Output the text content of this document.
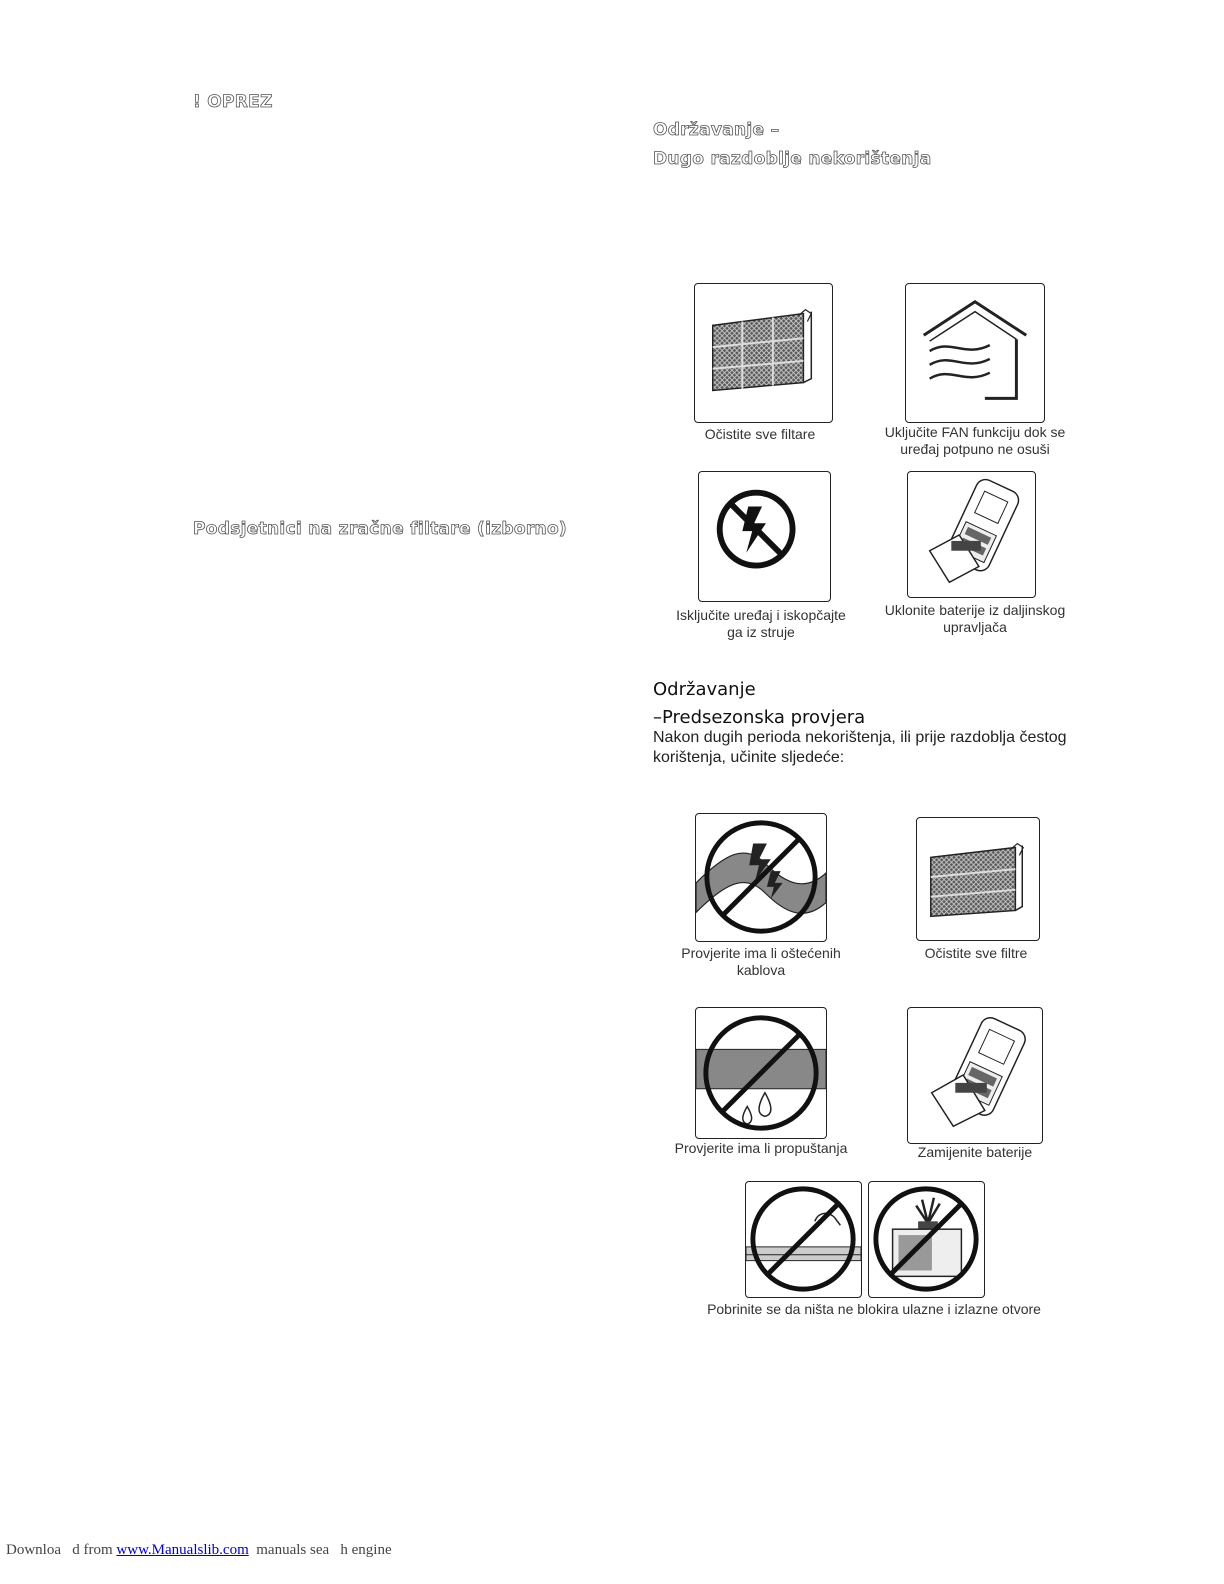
! OPREZ
Podsjetnici na zračne filtare (izborno)
Održavanje –
Dugo razdoblje nekorištenja
Očistite sve filtare	Uključite FAN funkciju dok se uređaj potpuno ne osuši
Isključite uređaj i iskopčajte ga iz struje
Uklonite baterije iz daljinskog upravljača
Održavanje
–Predsezonska provjera
Nakon dugih perioda nekorištenja, ili prije razdoblja čestog korištenja, učinite sljedeće:
Provjerite ima li oštećenih kablova
Očistite sve filtre
Provjerite ima li propuštanja	Zamijenite baterije
Pobrinite se da ništa ne blokira ulazne i izlazne otvore
Downloa   d from www.Manualslib.com  manuals sea   h engine
